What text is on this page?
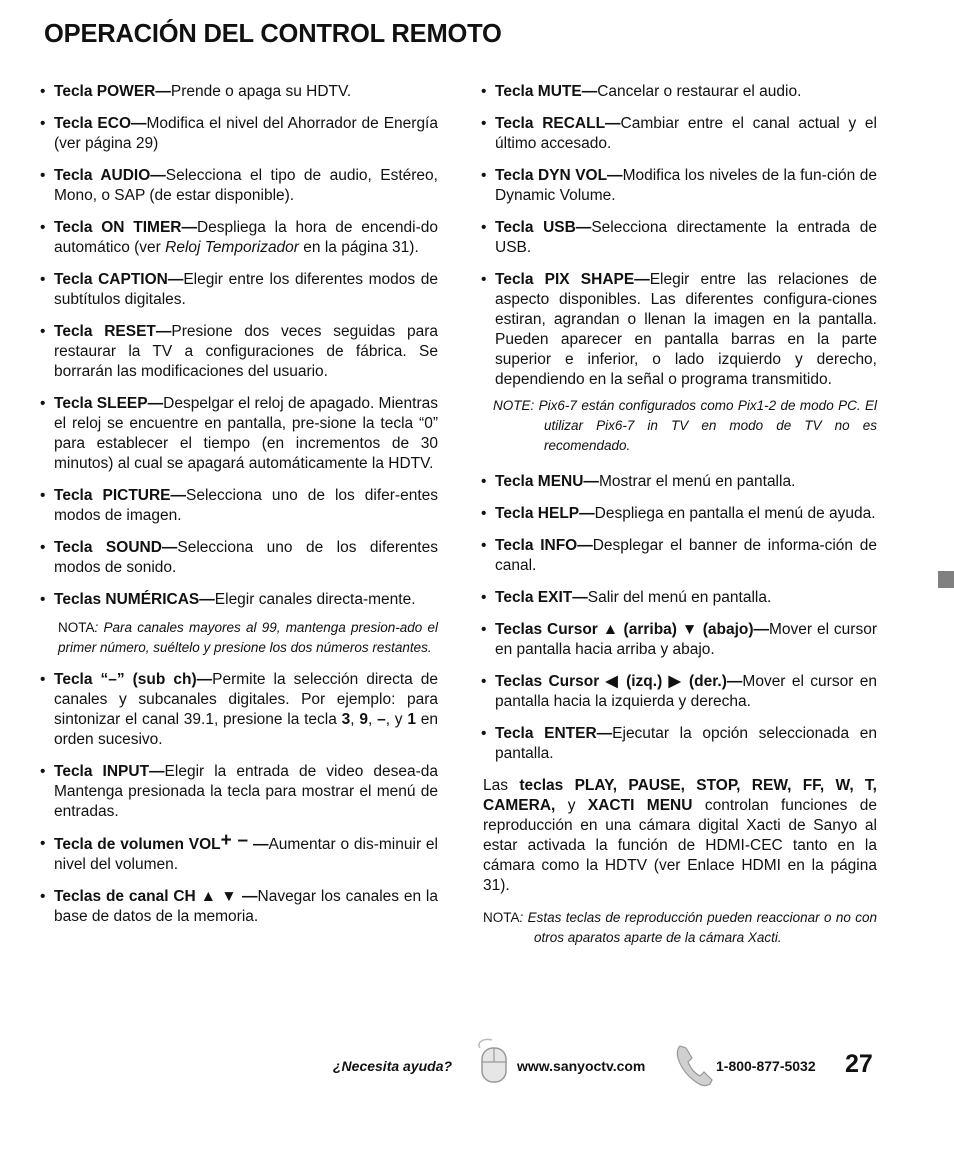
OPERACIÓN DEL CONTROL REMOTO
• Tecla POWER—Prende o apaga su HDTV.
• Tecla ECO—Modifica el nivel del Ahorrador de Energía (ver página 29)
• Tecla AUDIO—Selecciona el tipo de audio, Estéreo, Mono, o SAP (de estar disponible).
• Tecla ON TIMER—Despliega la hora de encendi-do automático (ver Reloj Temporizador en la página 31).
• Tecla CAPTION—Elegir entre los diferentes modos de subtítulos digitales.
• Tecla RESET—Presione dos veces seguidas para restaurar la TV a configuraciones de fábrica. Se borrarán las modificaciones del usuario.
• Tecla SLEEP—Despelgar el reloj de apagado. Mientras el reloj se encuentre en pantalla, pre-sione la tecla “0” para establecer el tiempo (en incrementos de 30 minutos) al cual se apagará automáticamente la HDTV.
• Tecla PICTURE—Selecciona uno de los difer-entes modos de imagen.
• Tecla SOUND—Selecciona uno de los diferentes modos de sonido.
• Teclas NUMÉRICAS—Elegir canales directa-mente.
NOTA: Para canales mayores al 99, mantenga presion-ado el primer número, suéltelo y presione los dos números restantes.
• Tecla “–” (sub ch)—Permite la selección directa de canales y subcanales digitales. Por ejemplo: para sintonizar el canal 39.1, presione la tecla 3, 9, –, y 1 en orden sucesivo.
• Tecla INPUT—Elegir la entrada de video desea-da Mantenga presionada la tecla para mostrar el menú de entradas.
• Tecla de volumen VOL+ – —Aumentar o dis-minuir el nivel del volumen.
• Teclas de canal CH ▲ ▼ —Navegar los canales en la base de datos de la memoria.
• Tecla MUTE—Cancelar o restaurar el audio.
• Tecla RECALL—Cambiar entre el canal actual y el último accesado.
• Tecla DYN VOL—Modifica los niveles de la fun-ción de Dynamic Volume.
• Tecla USB—Selecciona directamente la entrada de USB.
• Tecla PIX SHAPE—Elegir entre las relaciones de aspecto disponibles. Las diferentes configura-ciones estiran, agrandan o llenan la imagen en la pantalla. Pueden aparecer en pantalla barras en la parte superior e inferior, o lado izquierdo y derecho, dependiendo en la señal o programa transmitido.
NOTE: Pix6-7 están configurados como Pix1-2 de modo PC. El utilizar Pix6-7 in TV en modo de TV no es recomendado.
• Tecla MENU—Mostrar el menú en pantalla.
• Tecla HELP—Despliega en pantalla el menú de ayuda.
• Tecla INFO—Desplegar el banner de informa-ción de canal.
• Tecla EXIT—Salir del menú en pantalla.
• Teclas Cursor ▲ (arriba) ▼ (abajo)—Mover el cursor en pantalla hacia arriba y abajo.
• Teclas Cursor ◀ (izq.) ▶ (der.)—Mover el cursor en pantalla hacia la izquierda y derecha.
• Tecla ENTER—Ejecutar la opción seleccionada en pantalla.
Las teclas PLAY, PAUSE, STOP, REW, FF, W, T, CAMERA, y XACTI MENU controlan funciones de reproducción en una cámara digital Xacti de Sanyo al estar activada la función de HDMI-CEC tanto en la cámara como la HDTV (ver Enlace HDMI en la página 31).
NOTA: Estas teclas de reproducción pueden reaccionar o no con otros aparatos aparte de la cámara Xacti.
¿Necesita ayuda?	www.sanyoctv.com	1-800-877-5032 27
